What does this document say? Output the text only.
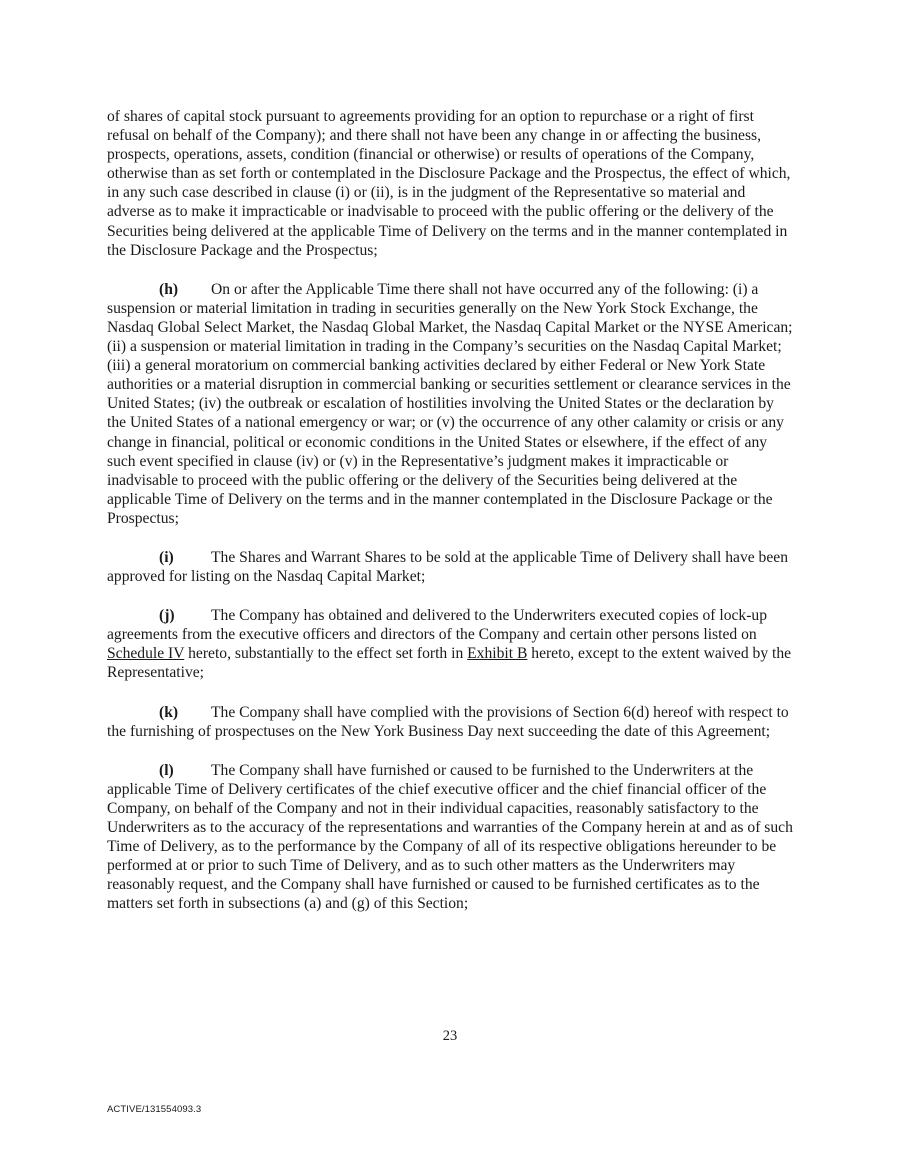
of shares of capital stock pursuant to agreements providing for an option to repurchase or a right of first refusal on behalf of the Company); and there shall not have been any change in or affecting the business, prospects, operations, assets, condition (financial or otherwise) or results of operations of the Company, otherwise than as set forth or contemplated in the Disclosure Package and the Prospectus, the effect of which, in any such case described in clause (i) or (ii), is in the judgment of the Representative so material and adverse as to make it impracticable or inadvisable to proceed with the public offering or the delivery of the Securities being delivered at the applicable Time of Delivery on the terms and in the manner contemplated in the Disclosure Package and the Prospectus;

(h) On or after the Applicable Time there shall not have occurred any of the following: (i) a suspension or material limitation in trading in securities generally on the New York Stock Exchange, the Nasdaq Global Select Market, the Nasdaq Global Market, the Nasdaq Capital Market or the NYSE American; (ii) a suspension or material limitation in trading in the Company’s securities on the Nasdaq Capital Market; (iii) a general moratorium on commercial banking activities declared by either Federal or New York State authorities or a material disruption in commercial banking or securities settlement or clearance services in the United States; (iv) the outbreak or escalation of hostilities involving the United States or the declaration by the United States of a national emergency or war; or (v) the occurrence of any other calamity or crisis or any change in financial, political or economic conditions in the United States or elsewhere, if the effect of any such event specified in clause (iv) or (v) in the Representative’s judgment makes it impracticable or inadvisable to proceed with the public offering or the delivery of the Securities being delivered at the applicable Time of Delivery on the terms and in the manner contemplated in the Disclosure Package or the Prospectus;

(i) The Shares and Warrant Shares to be sold at the applicable Time of Delivery shall have been approved for listing on the Nasdaq Capital Market;

(j) The Company has obtained and delivered to the Underwriters executed copies of lock-up agreements from the executive officers and directors of the Company and certain other persons listed on Schedule IV hereto, substantially to the effect set forth in Exhibit B hereto, except to the extent waived by the Representative;

(k) The Company shall have complied with the provisions of Section 6(d) hereof with respect to the furnishing of prospectuses on the New York Business Day next succeeding the date of this Agreement;

(l) The Company shall have furnished or caused to be furnished to the Underwriters at the applicable Time of Delivery certificates of the chief executive officer and the chief financial officer of the Company, on behalf of the Company and not in their individual capacities, reasonably satisfactory to the Underwriters as to the accuracy of the representations and warranties of the Company herein at and as of such Time of Delivery, as to the performance by the Company of all of its respective obligations hereunder to be performed at or prior to such Time of Delivery, and as to such other matters as the Underwriters may reasonably request, and the Company shall have furnished or caused to be furnished certificates as to the matters set forth in subsections (a) and (g) of this Section;

23
ACTIVE/131554093.3
